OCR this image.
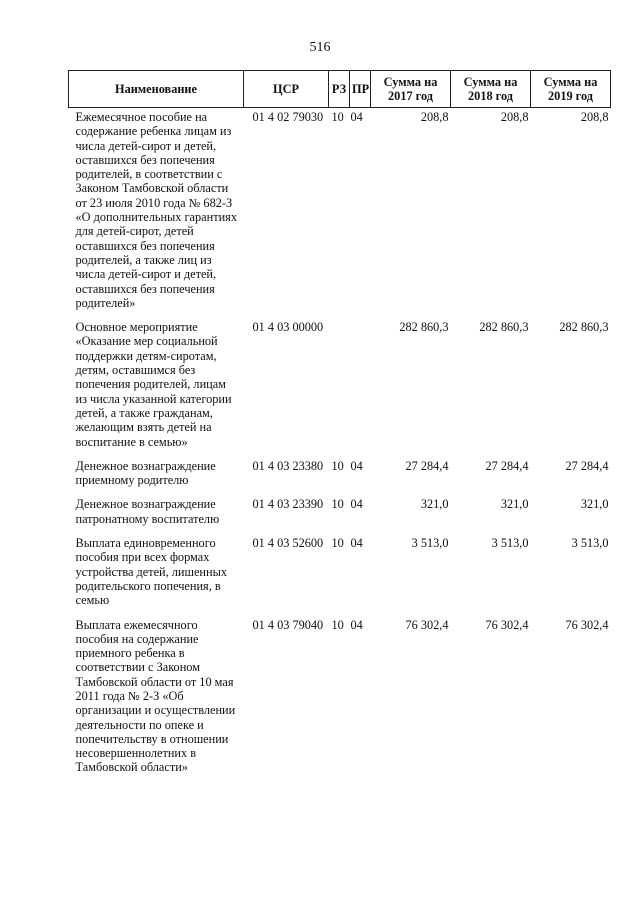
516
Наименование	ЦСР	РЗ	ПР	Сумма на 2017 год	Сумма на 2018 год	Сумма на 2019 год
Ежемесячное пособие на содержание ребенка лицам из числа детей-сирот и детей, оставшихся без попечения родителей, в соответствии с Законом Тамбовской области от 23 июля 2010 года № 682-З «О дополнительных гарантиях для детей-сирот, детей оставшихся без попечения родителей, а также лиц из числа детей-сирот и детей, оставшихся без попечения родителей»	01 4 02 79030	10	04	208,8	208,8	208,8
Основное мероприятие «Оказание мер социальной поддержки детям-сиротам, детям, оставшимся без попечения родителей, лицам из числа указанной категории детей, а также гражданам, желающим взять детей на воспитание в семью»	01 4 03 00000			282 860,3	282 860,3	282 860,3
Денежное вознаграждение приемному родителю	01 4 03 23380	10	04	27 284,4	27 284,4	27 284,4
Денежное вознаграждение патронатному воспитателю	01 4 03 23390	10	04	321,0	321,0	321,0
Выплата единовременного пособия при всех формах устройства детей, лишенных родительского попечения, в семью	01 4 03 52600	10	04	3 513,0	3 513,0	3 513,0
Выплата ежемесячного пособия на содержание приемного ребенка в соответствии с Законом Тамбовской области от 10 мая 2011 года № 2-З «Об организации и осуществлении деятельности по опеке и попечительству в отношении несовершеннолетних в Тамбовской области»	01 4 03 79040	10	04	76 302,4	76 302,4	76 302,4
